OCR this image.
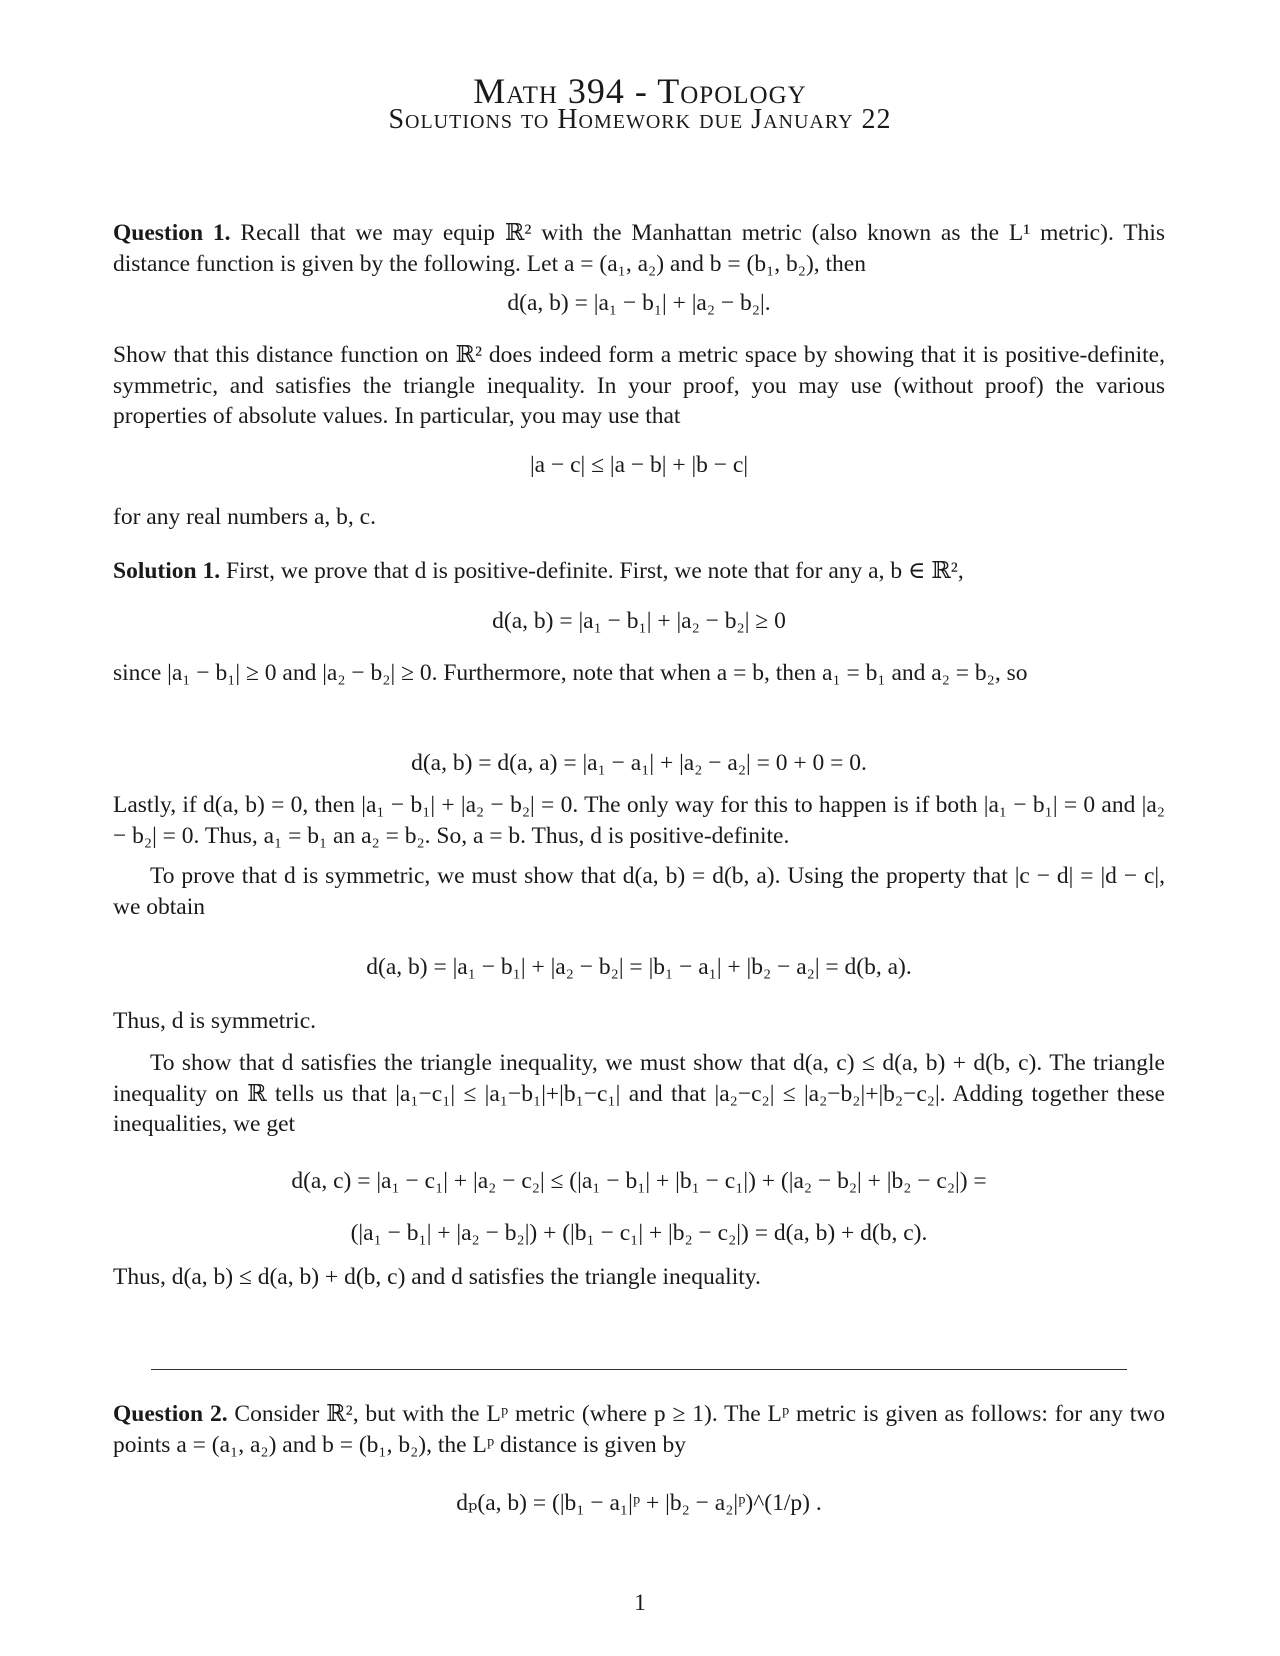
Math 394 - Topology
Solutions to Homework due January 22
Question 1. Recall that we may equip ℝ² with the Manhattan metric (also known as the L¹ metric). This distance function is given by the following. Let a = (a₁, a₂) and b = (b₁, b₂), then
d(a, b) = |a₁ − b₁| + |a₂ − b₂|.
Show that this distance function on ℝ² does indeed form a metric space by showing that it is positive-definite, symmetric, and satisfies the triangle inequality. In your proof, you may use (without proof) the various properties of absolute values. In particular, you may use that
|a − c| ≤ |a − b| + |b − c|
for any real numbers a, b, c.
Solution 1. First, we prove that d is positive-definite. First, we note that for any a, b ∈ ℝ²,
d(a, b) = |a₁ − b₁| + |a₂ − b₂| ≥ 0
since |a₁ − b₁| ≥ 0 and |a₂ − b₂| ≥ 0. Furthermore, note that when a = b, then a₁ = b₁ and a₂ = b₂, so
d(a, b) = d(a, a) = |a₁ − a₁| + |a₂ − a₂| = 0 + 0 = 0.
Lastly, if d(a, b) = 0, then |a₁ − b₁| + |a₂ − b₂| = 0. The only way for this to happen is if both |a₁ − b₁| = 0 and |a₂ − b₂| = 0. Thus, a₁ = b₁ an a₂ = b₂. So, a = b. Thus, d is positive-definite.
To prove that d is symmetric, we must show that d(a, b) = d(b, a). Using the property that |c − d| = |d − c|, we obtain
d(a, b) = |a₁ − b₁| + |a₂ − b₂| = |b₁ − a₁| + |b₂ − a₂| = d(b, a).
Thus, d is symmetric.
To show that d satisfies the triangle inequality, we must show that d(a, c) ≤ d(a, b) + d(b, c). The triangle inequality on ℝ tells us that |a₁−c₁| ≤ |a₁−b₁|+|b₁−c₁| and that |a₂−c₂| ≤ |a₂−b₂|+|b₂−c₂|. Adding together these inequalities, we get
d(a, c) = |a₁ − c₁| + |a₂ − c₂| ≤ (|a₁ − b₁| + |b₁ − c₁|) + (|a₂ − b₂| + |b₂ − c₂|) =
(|a₁ − b₁| + |a₂ − b₂|) + (|b₁ − c₁| + |b₂ − c₂|) = d(a, b) + d(b, c).
Thus, d(a, b) ≤ d(a, b) + d(b, c) and d satisfies the triangle inequality.
Question 2. Consider ℝ², but with the Lᵖ metric (where p ≥ 1). The Lᵖ metric is given as follows: for any two points a = (a₁, a₂) and b = (b₁, b₂), the Lᵖ distance is given by
dₚ(a, b) = (|b₁ − a₁|ᵖ + |b₂ − a₂|ᵖ)^(1/p) .
1
